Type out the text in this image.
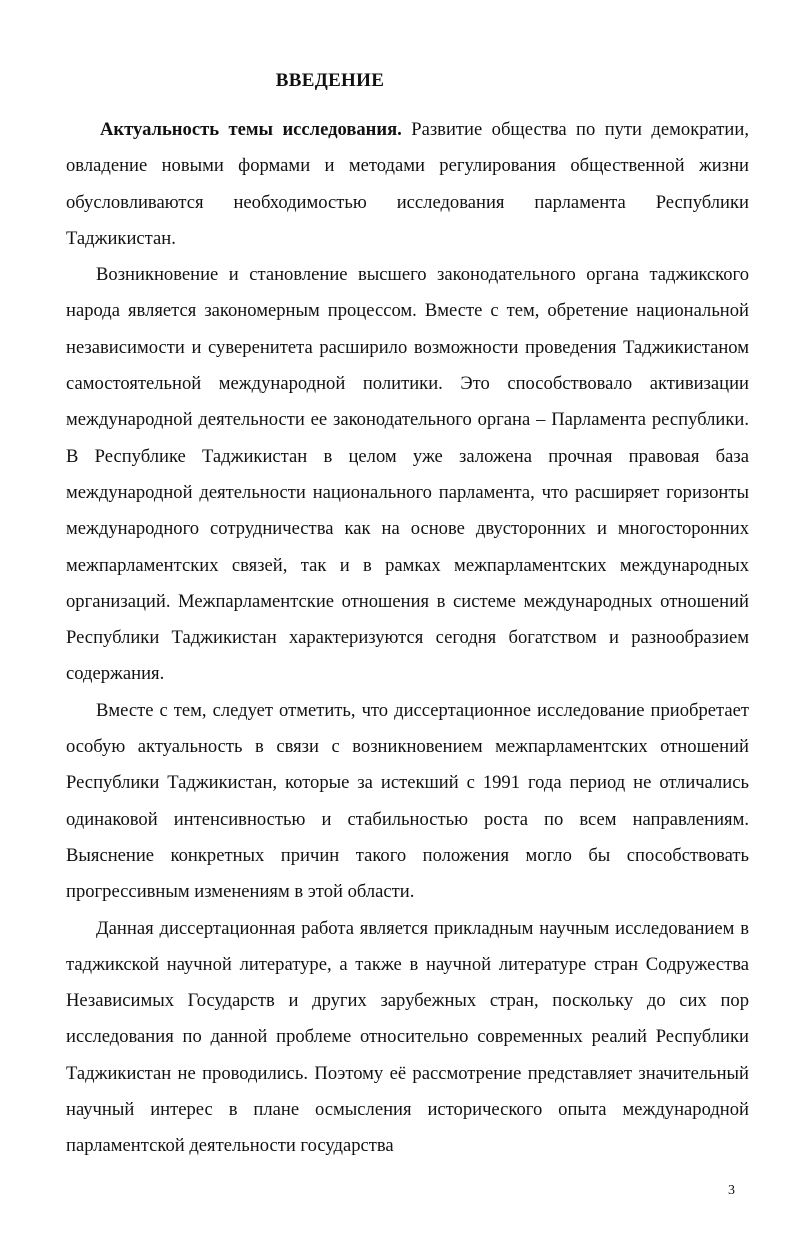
ВВЕДЕНИЕ

Актуальность темы исследования. Развитие общества по пути демократии, овладение новыми формами и методами регулирования общественной жизни обусловливаются необходимостью исследования парламента Республики Таджикистан.

Возникновение и становление высшего законодательного органа таджикского народа является закономерным процессом. Вместе с тем, обретение национальной независимости и суверенитета расширило возможности проведения Таджикистаном самостоятельной международной политики. Это способствовало активизации международной деятельности ее законодательного органа – Парламента республики. В Республике Таджикистан в целом уже заложена прочная правовая база международной деятельности национального парламента, что расширяет горизонты международного сотрудничества как на основе двусторонних и многосторонних межпарламентских связей, так и в рамках межпарламентских международных организаций. Межпарламентские отношения в системе международных отношений Республики Таджикистан характеризуются сегодня богатством и разнообразием содержания.

Вместе с тем, следует отметить, что диссертационное исследование приобретает особую актуальность в связи с возникновением межпарламентских отношений Республики Таджикистан, которые за истекший с 1991 года период не отличались одинаковой интенсивностью и стабильностью роста по всем направлениям. Выяснение конкретных причин такого положения могло бы способствовать прогрессивным изменениям в этой области.

Данная диссертационная работа является прикладным научным исследованием в таджикской научной литературе, а также в научной литературе стран Содружества Независимых Государств и других зарубежных стран, поскольку до сих пор исследования по данной проблеме относительно современных реалий Республики Таджикистан не проводились. Поэтому её рассмотрение представляет значительный научный интерес в плане осмысления исторического опыта международной парламентской деятельности государства

3
